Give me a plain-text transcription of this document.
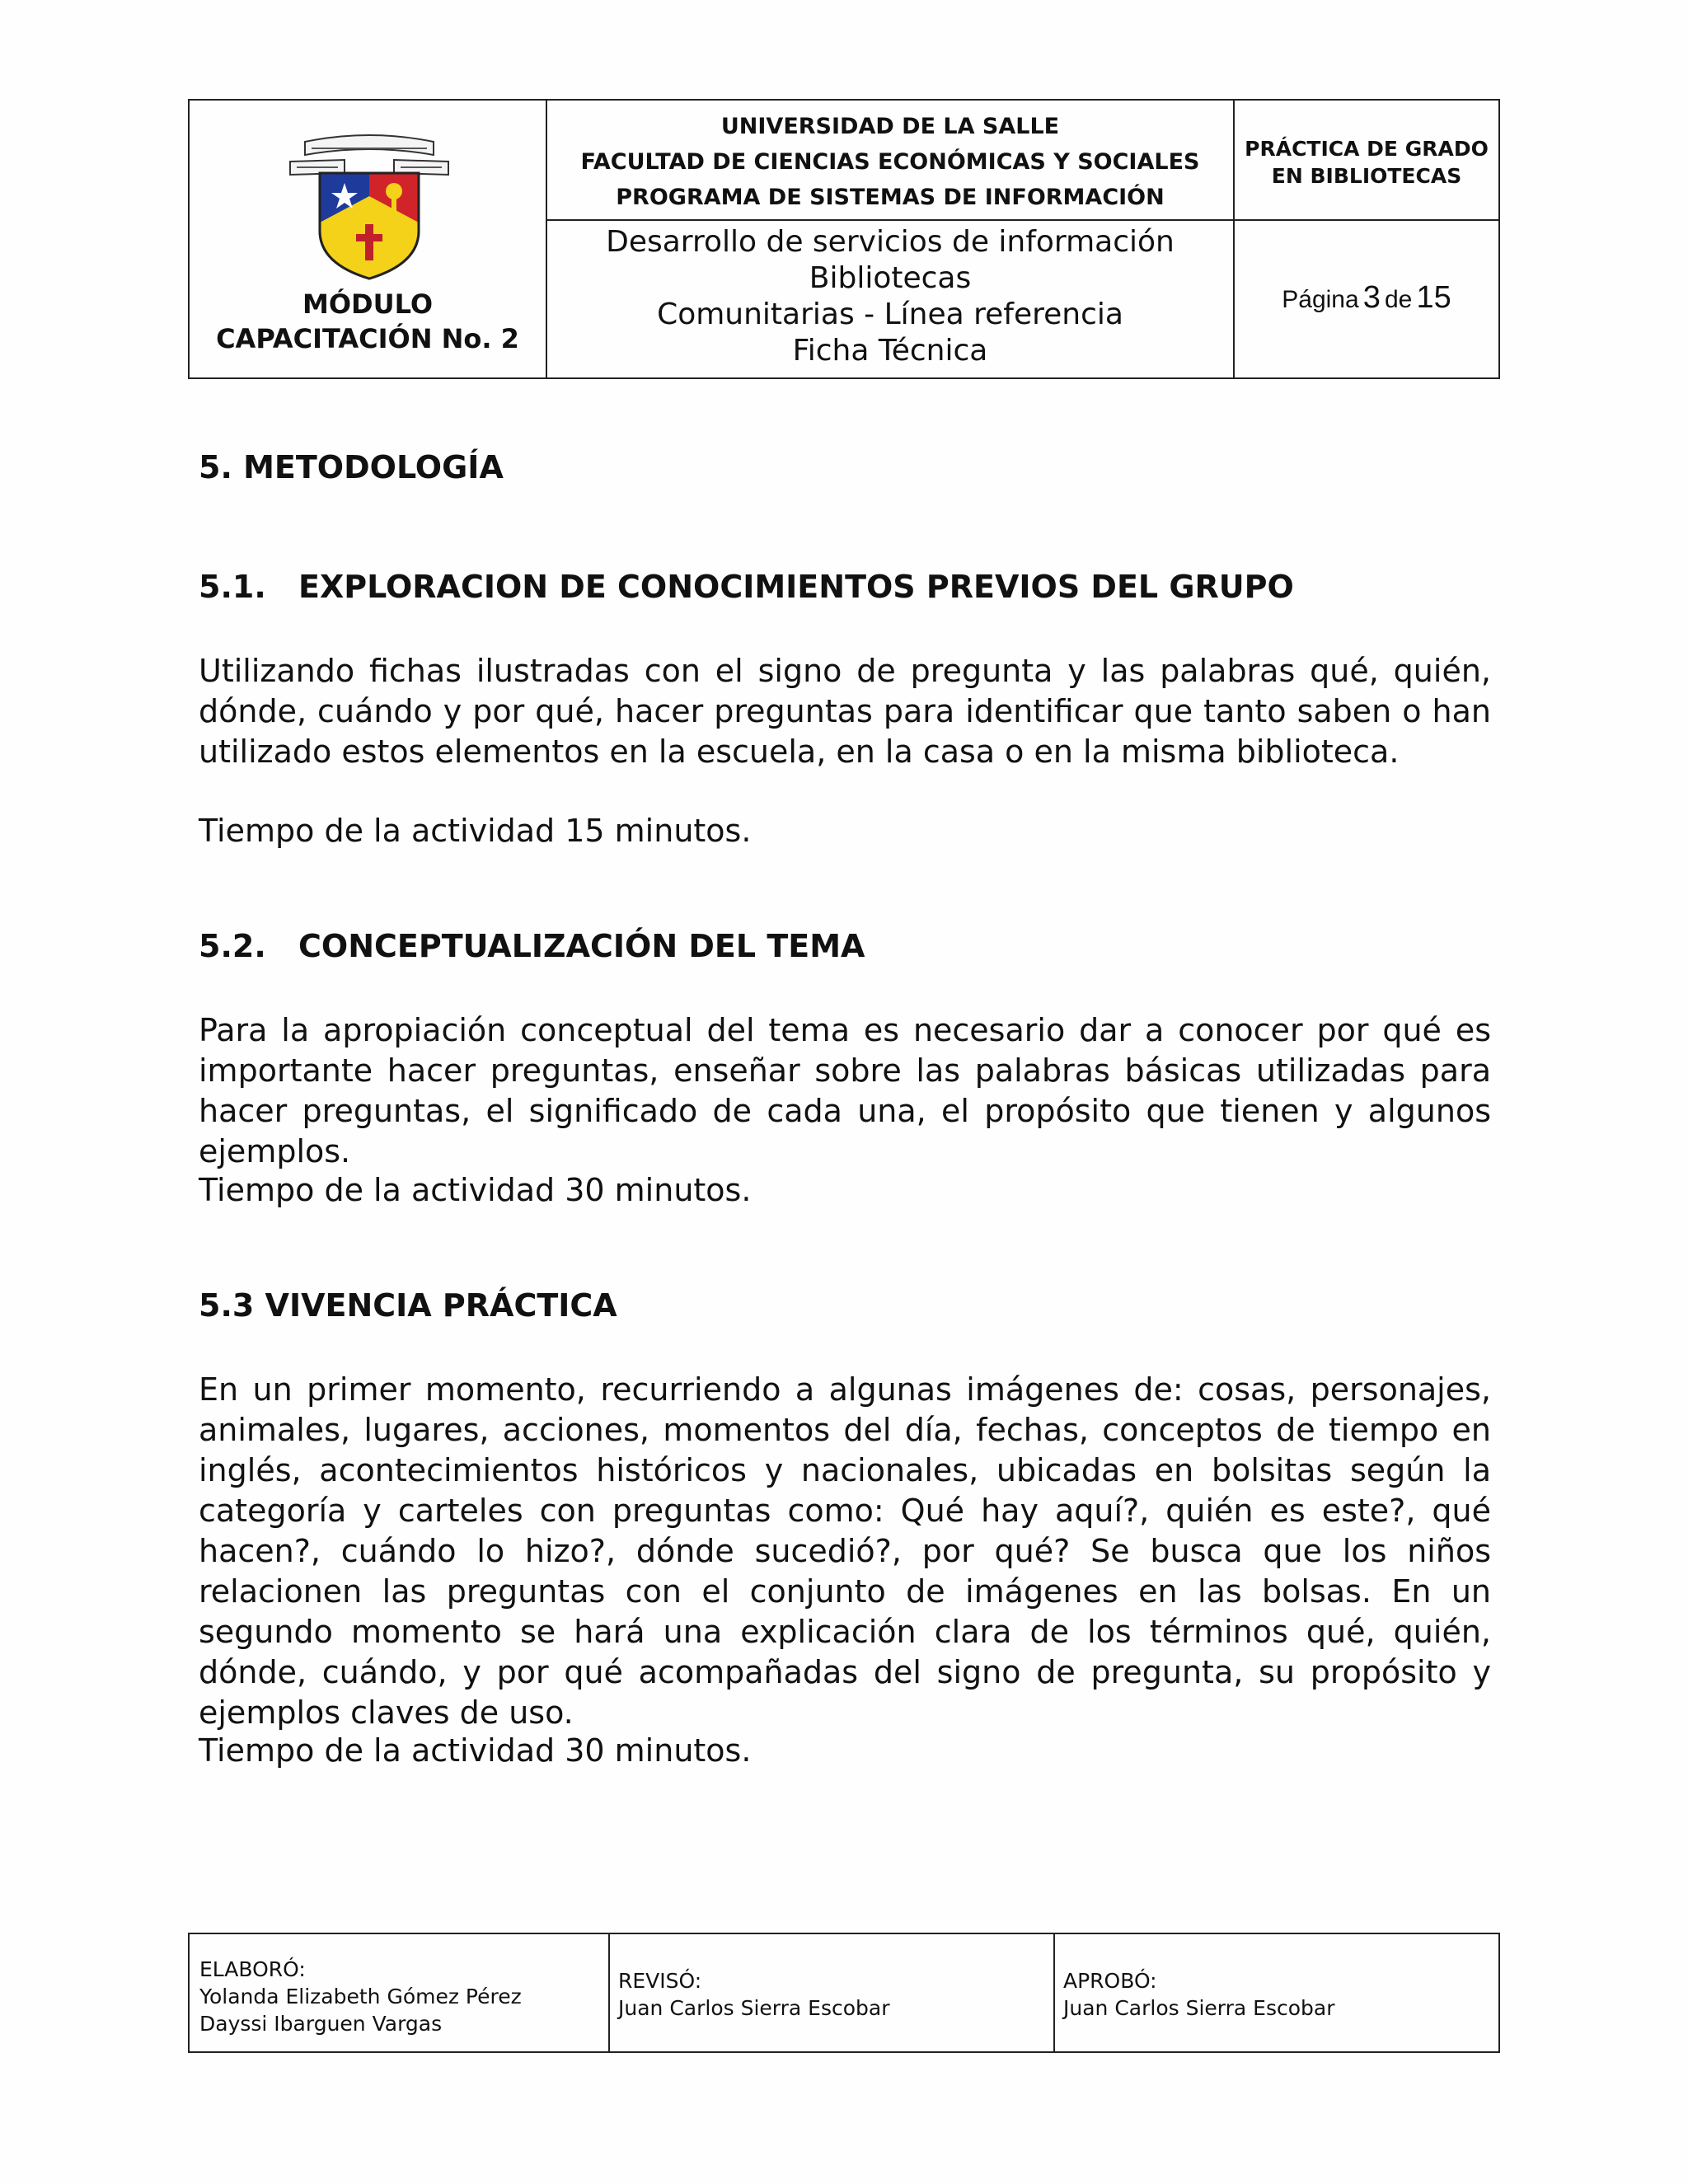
MÓDULO
CAPACITACIÓN No. 2
UNIVERSIDAD DE LA SALLE
FACULTAD DE CIENCIAS ECONÓMICAS Y SOCIALES
PROGRAMA DE SISTEMAS DE INFORMACIÓN
PRÁCTICA DE GRADO
EN BIBLIOTECAS
Desarrollo de servicios de información Bibliotecas
Comunitarias - Línea referencia
Ficha Técnica
Página 3 de 15
5. METODOLOGÍA
5.1. EXPLORACION DE CONOCIMIENTOS PREVIOS DEL GRUPO
Utilizando fichas ilustradas con el signo de pregunta y las palabras qué, quién, dónde, cuándo y por qué, hacer preguntas para identificar que tanto saben o han utilizado estos elementos en la escuela, en la casa o en la misma biblioteca.
Tiempo de la actividad 15 minutos.
5.2. CONCEPTUALIZACIÓN DEL TEMA
Para la apropiación conceptual del tema es necesario dar a conocer por qué es importante hacer preguntas, enseñar sobre las palabras básicas utilizadas para hacer preguntas, el significado de cada una, el propósito que tienen y algunos ejemplos.
Tiempo de la actividad 30 minutos.
5.3 VIVENCIA PRÁCTICA
En un primer momento, recurriendo a algunas imágenes de: cosas, personajes, animales, lugares, acciones, momentos del día, fechas, conceptos de tiempo en inglés, acontecimientos históricos y nacionales, ubicadas en bolsitas según la categoría y carteles con preguntas como: Qué hay aquí?, quién es este?, qué hacen?, cuándo lo hizo?, dónde sucedió?, por qué? Se busca que los niños relacionen las preguntas con el conjunto de imágenes en las bolsas. En un segundo momento se hará una explicación clara de los términos qué, quién, dónde, cuándo, y por qué acompañadas del signo de pregunta, su propósito y ejemplos claves de uso.
Tiempo de la actividad 30 minutos.
ELABORÓ:
Yolanda Elizabeth Gómez Pérez
Dayssi Ibarguen Vargas
REVISÓ:
Juan Carlos Sierra Escobar
APROBÓ:
Juan Carlos Sierra Escobar
